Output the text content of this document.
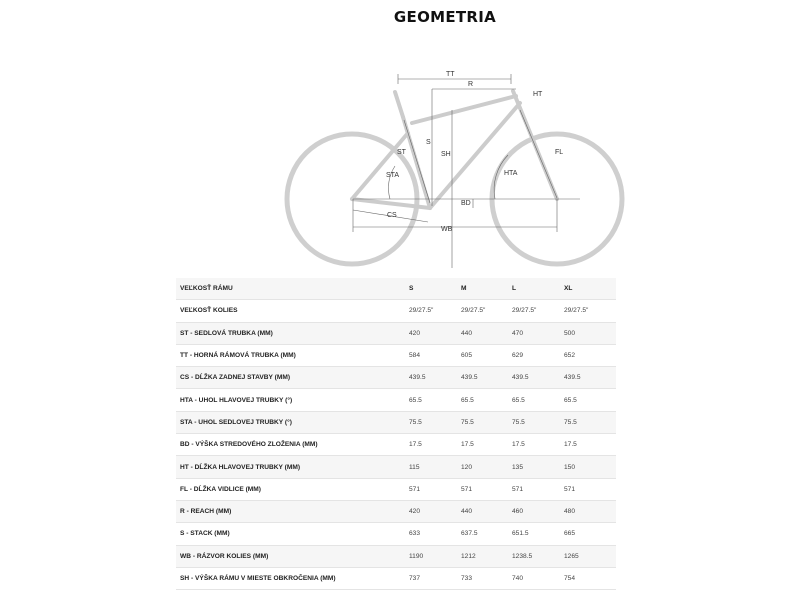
GEOMETRIA
TT
R
HT
S
SH
ST
STA	HTA
FL
BD
CS
WB
VEĽKOSŤ RÁMU	S	M	L	XL
VEĽKOSŤ KOLIES	29/27.5"	29/27.5"	29/27.5"	29/27.5"
ST - SEDLOVÁ TRUBKA (MM)	420	440	470	500
TT - HORNÁ RÁMOVÁ TRUBKA (MM)	584	605	629	652
CS - DĹŽKA ZADNEJ STAVBY (MM)	439.5	439.5	439.5	439.5
HTA - UHOL HLAVOVEJ TRUBKY (°)	65.5	65.5	65.5	65.5
STA - UHOL SEDLOVEJ TRUBKY (°)	75.5	75.5	75.5	75.5
BD - VÝŠKA STREDOVÉHO ZLOŽENIA (MM)	17.5	17.5	17.5	17.5
HT - DĹŽKA HLAVOVEJ TRUBKY (MM)	115	120	135	150
FL - DĹŽKA VIDLICE (MM)	571	571	571	571
R - REACH (MM)	420	440	460	480
S - STACK (MM)	633	637.5	651.5	665
WB - RÁZVOR KOLIES (MM)	1190	1212	1238.5	1265
SH - VÝŠKA RÁMU V MIESTE OBKROČENIA (MM)	737	733	740	754
